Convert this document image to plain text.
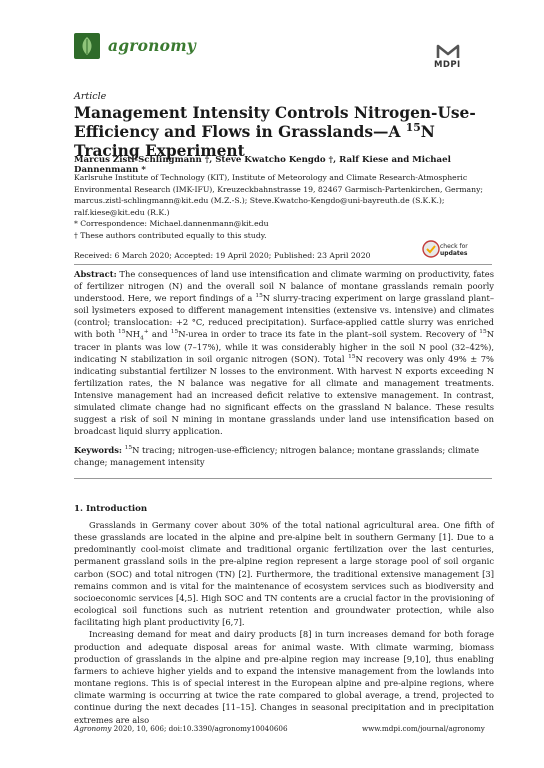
agronomy
MDPI
Article
Management Intensity Controls Nitrogen-Use-Efficiency and Flows in Grasslands—A $^{15}$N Tracing Experiment
Marcus Zistl-Schlingmann †, Steve Kwatcho Kengdo †, Ralf Kiese and Michael Dannenmann *
Karlsruhe Institute of Technology (KIT), Institute of Meteorology and Climate Research-Atmospheric
Environmental Research (IMK-IFU), Kreuzeckbahnstrasse 19, 82467 Garmisch-Partenkirchen, Germany;
marcus.zistl-schlingmann@kit.edu (M.Z.-S.); Steve.Kwatcho-Kengdo@uni-bayreuth.de (S.K.K.);
ralf.kiese@kit.edu (R.K.)
* Correspondence: Michael.dannenmann@kit.edu
† These authors contributed equally to this study.
Received: 6 March 2020; Accepted: 19 April 2020; Published: 23 April 2020
check for
updates
Abstract: The consequences of land use intensification and climate warming on productivity, fates of fertilizer nitrogen (N) and the overall soil N balance of montane grasslands remain poorly understood. Here, we report findings of a $^{15}$N slurry-tracing experiment on large grassland plant–soil lysimeters exposed to different management intensities (extensive vs. intensive) and climates (control; translocation: +2 °C, reduced precipitation). Surface-applied cattle slurry was enriched with both $^{15}NH_4^+$ and $^{15}$N-urea in order to trace its fate in the plant–soil system. Recovery of $^{15}$N tracer in plants was low (7–17%), while it was considerably higher in the soil N pool (32–42%), indicating N stabilization in soil organic nitrogen (SON). Total $^{15}$N recovery was only 49% ± 7% indicating substantial fertilizer N losses to the environment. With harvest N exports exceeding N fertilization rates, the N balance was negative for all climate and management treatments. Intensive management had an increased deficit relative to extensive management. In contrast, simulated climate change had no significant effects on the grassland N balance. These results suggest a risk of soil N mining in montane grasslands under land use intensification based on broadcast liquid slurry application.
Keywords: $^{15}$N tracing; nitrogen-use-efficiency; nitrogen balance; montane grasslands; climate change; management intensity
1. Introduction

Grasslands in Germany cover about 30% of the total national agricultural area. One fifth of these grasslands are located in the alpine and pre-alpine belt in southern Germany [1]. Due to a predominantly cool-moist climate and traditional organic fertilization over the last centuries, permanent grassland soils in the pre-alpine region represent a large storage pool of soil organic carbon (SOC) and total nitrogen (TN) [2]. Furthermore, the traditional extensive management [3] remains common and is vital for the maintenance of ecosystem services such as biodiversity and socioeconomic services [4,5]. High SOC and TN contents are a crucial factor in the provisioning of ecological soil functions such as nutrient retention and groundwater protection, while also facilitating high plant productivity [6,7].

Increasing demand for meat and dairy products [8] in turn increases demand for both forage production and adequate disposal areas for animal waste. With climate warming, biomass production of grasslands in the alpine and pre-alpine region may increase [9,10], thus enabling farmers to achieve higher yields and to expand the intensive management from the lowlands into montane regions. This is of special interest in the European alpine and pre-alpine regions, where climate warming is occurring at twice the rate compared to global average, a trend, projected to continue during the next decades [11–15]. Changes in seasonal precipitation and in precipitation extremes are also

Agronomy 2020, 10, 606; doi:10.3390/agronomy10040606	www.mdpi.com/journal/agronomy
